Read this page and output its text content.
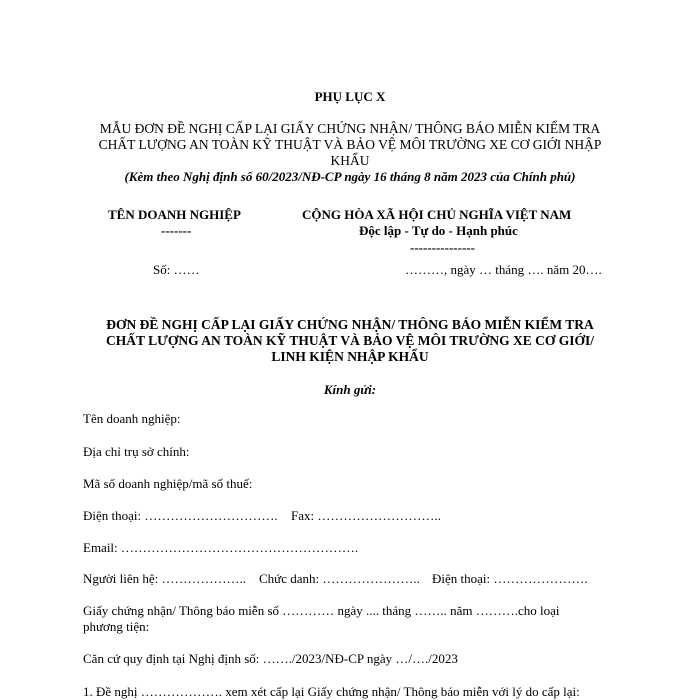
PHỤ LỤC X
MẪU ĐƠN ĐỀ NGHỊ CẤP LẠI GIẤY CHỨNG NHẬN/ THÔNG BÁO MIỄN KIỂM TRA
CHẤT LƯỢNG AN TOÀN KỸ THUẬT VÀ BẢO VỆ MÔI TRƯỜNG XE CƠ GIỚI NHẬP
KHẨU
(Kèm theo Nghị định số 60/2023/NĐ-CP ngày 16 tháng 8 năm 2023 của Chính phủ)
TÊN DOANH NGHIỆP
-------
Số: ……
CỘNG HÒA XÃ HỘI CHỦ NGHĨA VIỆT NAM
Độc lập - Tự do - Hạnh phúc
---------------
………, ngày … tháng …. năm 20….
ĐƠN ĐỀ NGHỊ CẤP LẠI GIẤY CHỨNG NHẬN/ THÔNG BÁO MIỄN KIỂM TRA
CHẤT LƯỢNG AN TOÀN KỸ THUẬT VÀ BẢO VỆ MÔI TRƯỜNG XE CƠ GIỚI/
LINH KIỆN NHẬP KHẨU
Kính gửi:
Tên doanh nghiệp:
Địa chỉ trụ sở chính:
Mã số doanh nghiệp/mã số thuế:
Điện thoại: …………………………. Fax: ………………………..
Email: ……………………………………………….
Người liên hệ: ……………….. Chức danh: ………………….. Điện thoại: ………………….
Giấy chứng nhận/ Thông báo miễn số ………… ngày .... tháng …….. năm ……….cho loại
phương tiện:
Căn cứ quy định tại Nghị định số: ……./2023/NĐ-CP ngày …/…./2023
1. Đề nghị ………………. xem xét cấp lại Giấy chứng nhận/ Thông báo miễn với lý do cấp lại:
